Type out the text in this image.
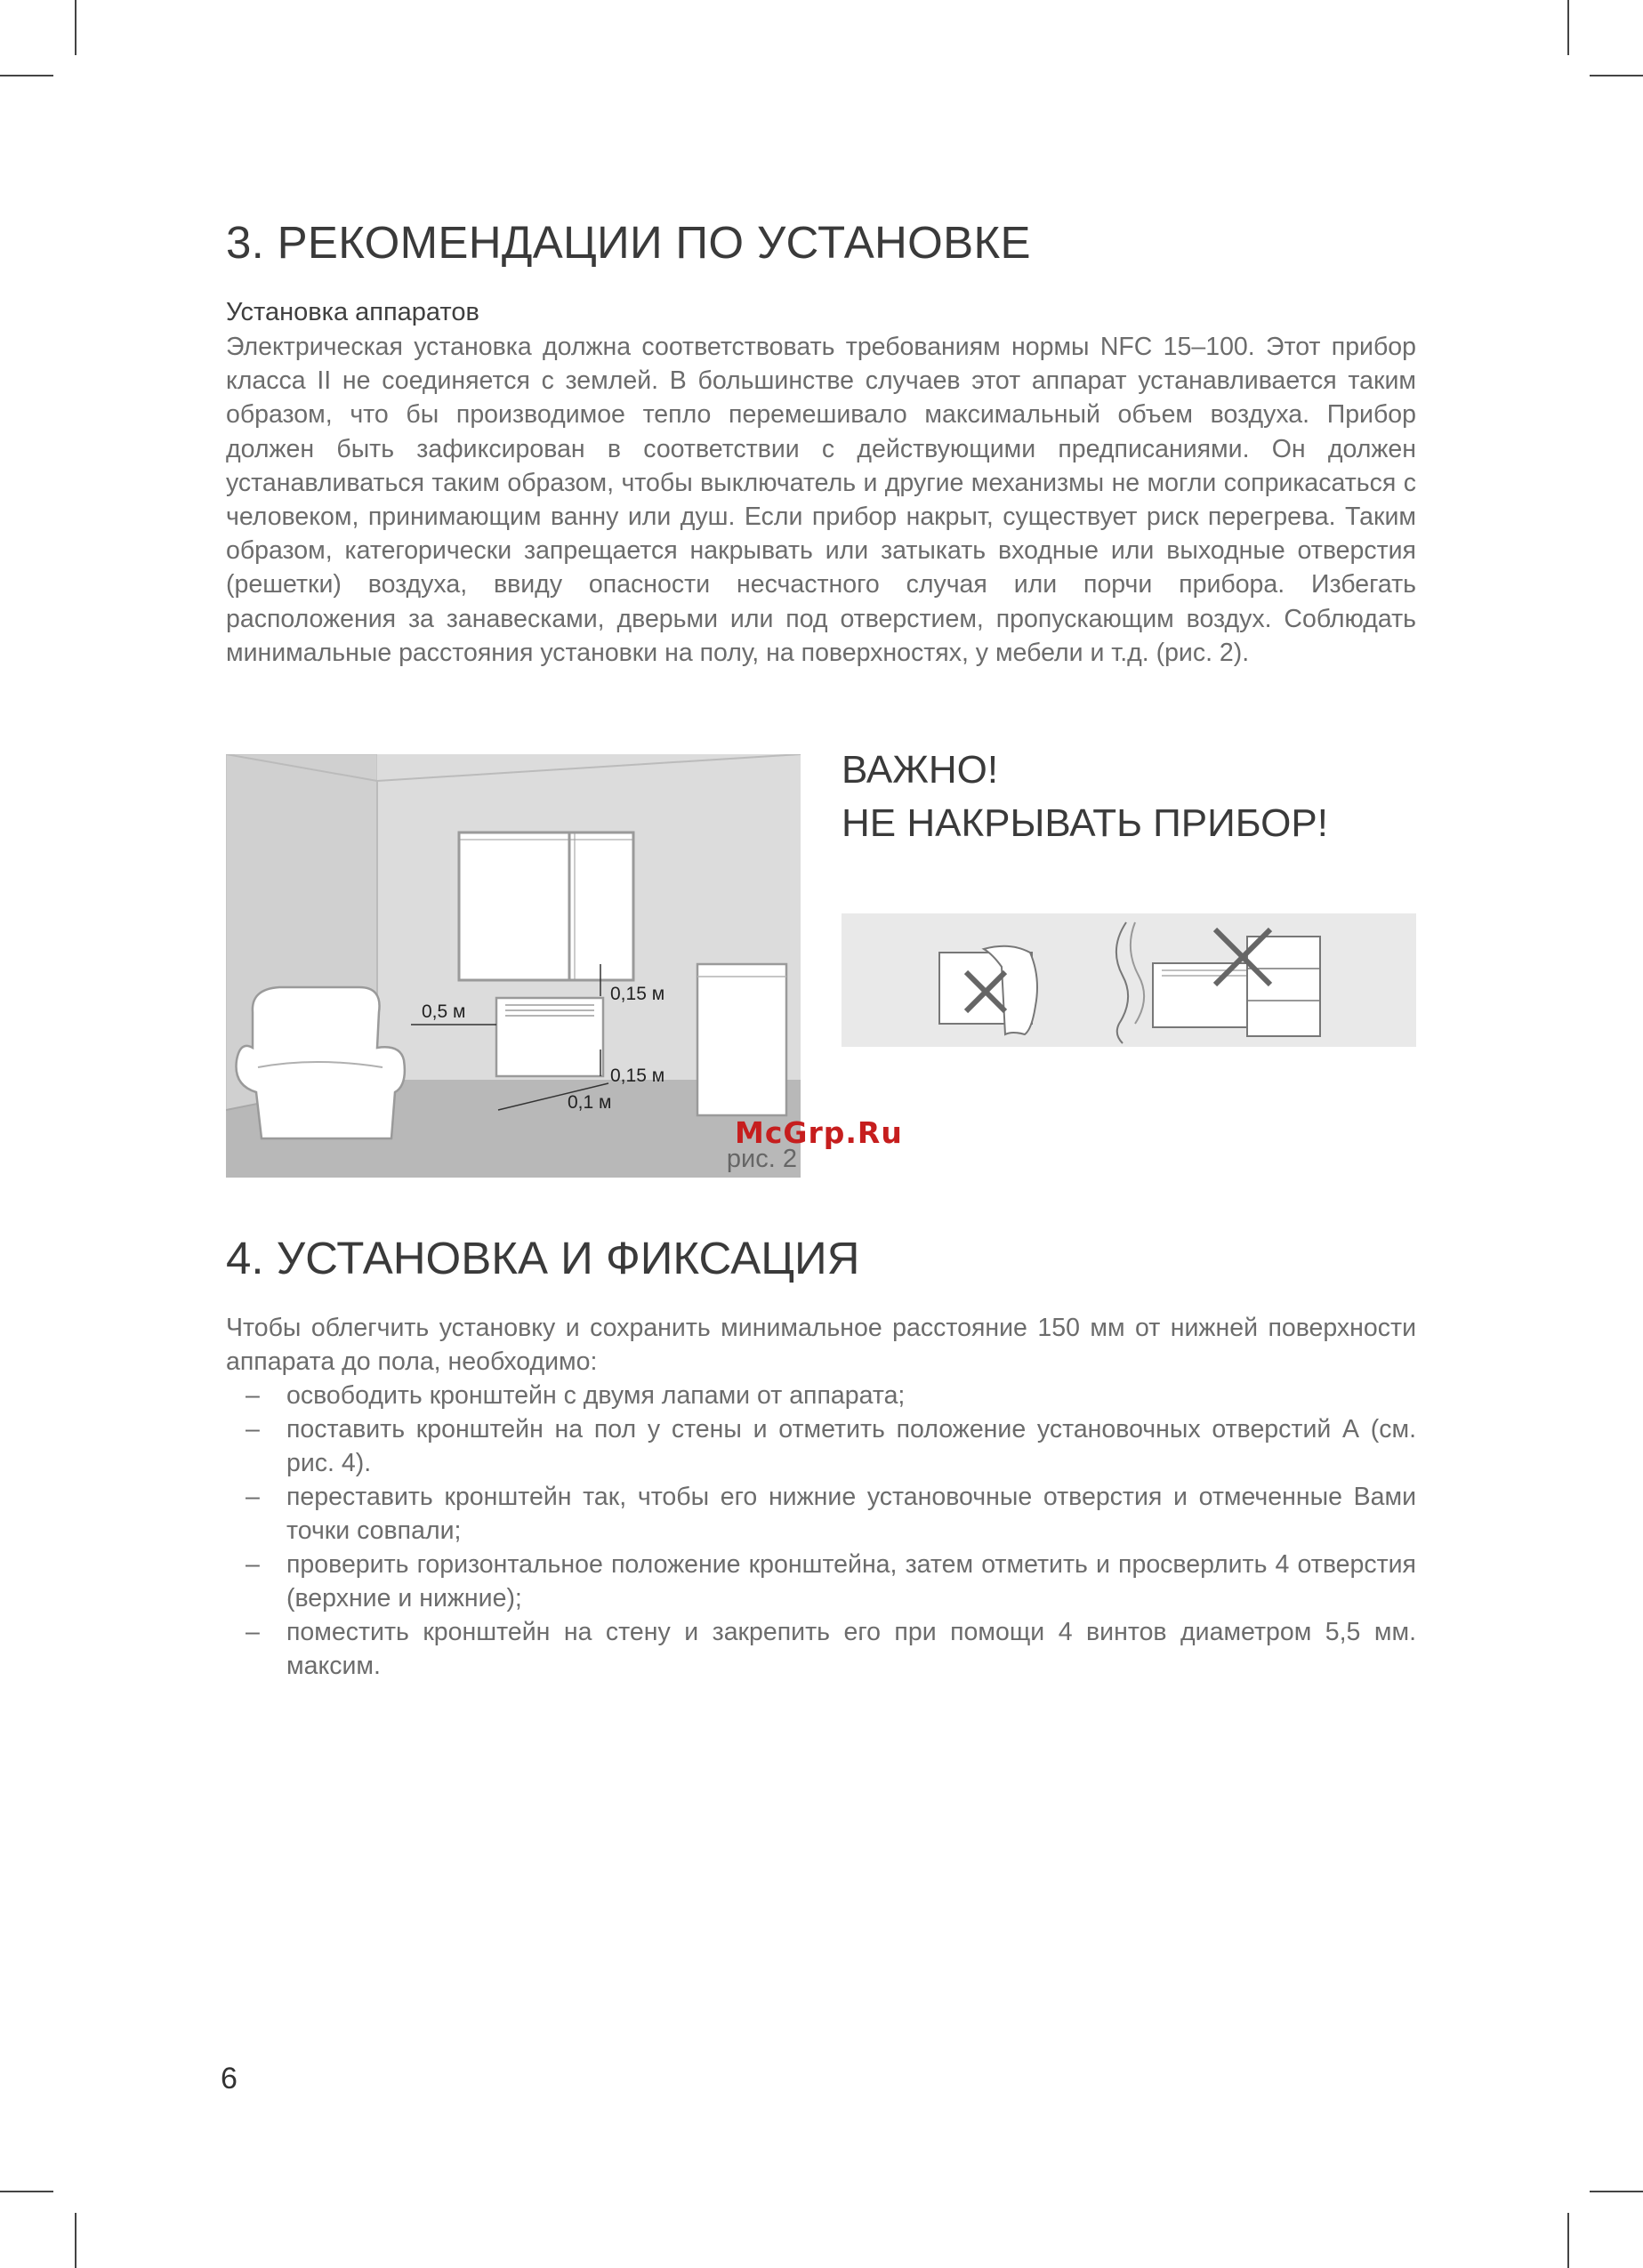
3. РЕКОМЕНДАЦИИ ПО УСТАНОВКЕ
Установка аппаратов
Электрическая установка должна соответствовать требованиям нормы NFC 15–100. Этот прибор класса II не соединяется с землей. В большинстве случаев этот аппарат устанавливается таким образом, что бы производимое тепло перемешивало максимальный объем воздуха. Прибор должен быть зафиксирован в соответствии с действующими предписаниями. Он должен устанавливаться таким образом, чтобы выключатель и другие механизмы не могли соприкасаться с человеком, принимающим ванну или душ. Если прибор накрыт, существует риск перегрева. Таким образом, категорически запрещается накрывать или затыкать входные или выходные отверстия (решетки) воздуха, ввиду опасности несчастного случая или порчи прибора. Избегать расположения за занавесками, дверьми или под отверстием, пропускающим воздух. Соблюдать минимальные расстояния установки на полу, на поверхностях, у мебели и т.д. (рис. 2).
0,5 м
0,15 м
0,15 м
0,1 м
рис. 2
McGrp.Ru
ВАЖНО!
НЕ НАКРЫВАТЬ ПРИБОР!
4. УСТАНОВКА И ФИКСАЦИЯ
Чтобы облегчить установку и сохранить минимальное расстояние 150 мм от нижней поверхности аппарата до пола, необходимо:
– освободить кронштейн с двумя лапами от аппарата;
– поставить кронштейн на пол у стены и отметить положение установочных отверстий А (см. рис. 4).
– переставить кронштейн так, чтобы его нижние установочные отверстия и отмеченные Вами точки совпали;
– проверить горизонтальное положение кронштейна, затем отметить и просверлить 4 отверстия (верхние и нижние);
– поместить кронштейн на стену и закрепить его при помощи 4 винтов диаметром 5,5 мм. максим.
6
